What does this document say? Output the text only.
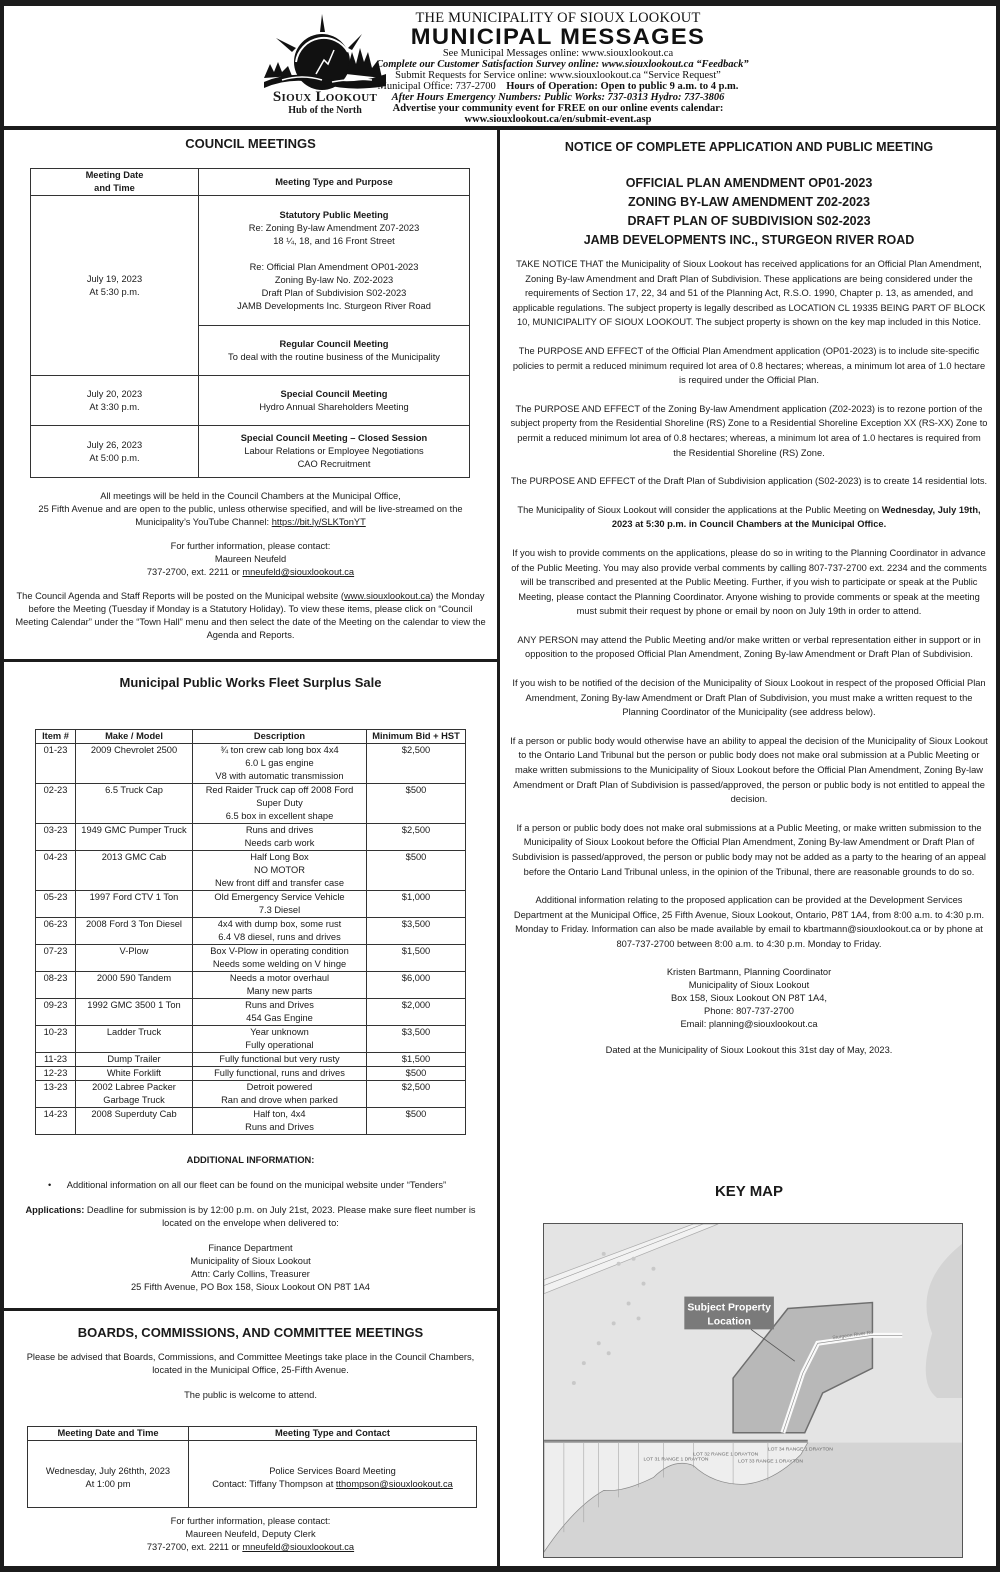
Sioux Lookout
Hub of the North
THE MUNICIPALITY OF SIOUX LOOKOUT
MUNICIPAL MESSAGES
See Municipal Messages online: www.siouxlookout.ca
Complete our Customer Satisfaction Survey online: www.siouxlookout.ca “Feedback”
Submit Requests for Service online: www.siouxlookout.ca “Service Request”
Municipal Office: 737-2700 Hours of Operation: Open to public 9 a.m. to 4 p.m.
After Hours Emergency Numbers: Public Works: 737-0313 Hydro: 737-3806
Advertise your community event for FREE on our online events calendar:
www.siouxlookout.ca/en/submit-event.asp
COUNCIL MEETINGS
Meeting Date
and Time	Meeting Type and Purpose
July 19, 2023
At 5:30 p.m.	Statutory Public Meeting
Re: Zoning By-law Amendment Z07-2023
18 ¼, 18, and 16 Front Street

Re: Official Plan Amendment OP01-2023
Zoning By-law No. Z02-2023
Draft Plan of Subdivision S02-2023
JAMB Developments Inc. Sturgeon River Road
	Regular Council Meeting
To deal with the routine business of the Municipality
July 20, 2023
At 3:30 p.m.	Special Council Meeting
Hydro Annual Shareholders Meeting
July 26, 2023
At 5:00 p.m.	Special Council Meeting – Closed Session
Labour Relations or Employee Negotiations
CAO Recruitment
All meetings will be held in the Council Chambers at the Municipal Office,
25 Fifth Avenue and are open to the public, unless otherwise specified, and will be live-streamed on the
Municipality’s YouTube Channel: https://bit.ly/SLKTonYT
For further information, please contact:
Maureen Neufeld
737-2700, ext. 2211 or mneufeld@siouxlookout.ca
The Council Agenda and Staff Reports will be posted on the Municipal website (www.siouxlookout.ca) the Monday before the Meeting (Tuesday if Monday is a Statutory Holiday). To view these items, please click on “Council Meeting Calendar” under the “Town Hall” menu and then select the date of the Meeting on the calendar to view the Agenda and Reports.
Municipal Public Works Fleet Surplus Sale
Item #	Make / Model	Description	Minimum Bid + HST
01-23	2009 Chevrolet 2500	¾ ton crew cab long box 4x4
6.0 L gas engine
V8 with automatic transmission	$2,500
02-23	6.5 Truck Cap	Red Raider Truck cap off 2008 Ford
Super Duty
6.5 box in excellent shape	$500
03-23	1949 GMC Pumper Truck	Runs and drives
Needs carb work	$2,500
04-23	2013 GMC Cab	Half Long Box
NO MOTOR
New front diff and transfer case	$500
05-23	1997 Ford CTV 1 Ton	Old Emergency Service Vehicle
7.3 Diesel	$1,000
06-23	2008 Ford 3 Ton Diesel	4x4 with dump box, some rust
6.4 V8 diesel, runs and drives	$3,500
07-23	V-Plow	Box V-Plow in operating condition
Needs some welding on V hinge	$1,500
08-23	2000 590 Tandem	Needs a motor overhaul
Many new parts	$6,000
09-23	1992 GMC 3500 1 Ton	Runs and Drives
454 Gas Engine	$2,000
10-23	Ladder Truck	Year unknown
Fully operational	$3,500
11-23	Dump Trailer	Fully functional but very rusty	$1,500
12-23	White Forklift	Fully functional, runs and drives	$500
13-23	2002 Labree Packer Garbage Truck	Detroit powered
Ran and drove when parked	$2,500
14-23	2008 Superduty Cab	Half ton, 4x4
Runs and Drives	$500
ADDITIONAL INFORMATION:
• Additional information on all our fleet can be found on the municipal website under “Tenders”
Applications: Deadline for submission is by 12:00 p.m. on July 21st, 2023. Please make sure fleet number is located on the envelope when delivered to:
Finance Department
Municipality of Sioux Lookout
Attn: Carly Collins, Treasurer
25 Fifth Avenue, PO Box 158, Sioux Lookout ON P8T 1A4
BOARDS, COMMISSIONS, AND COMMITTEE MEETINGS
Please be advised that Boards, Commissions, and Committee Meetings take place in the Council Chambers, located in the Municipal Office, 25-Fifth Avenue.
The public is welcome to attend.
Meeting Date and Time	Meeting Type and Contact
Wednesday, July 26thth, 2023
At 1:00 pm	Police Services Board Meeting
Contact: Tiffany Thompson at tthompson@siouxlookout.ca
For further information, please contact:
Maureen Neufeld, Deputy Clerk
737-2700, ext. 2211 or mneufeld@siouxlookout.ca
NOTICE OF COMPLETE APPLICATION AND PUBLIC MEETING
OFFICIAL PLAN AMENDMENT OP01-2023
ZONING BY-LAW AMENDMENT Z02-2023
DRAFT PLAN OF SUBDIVISION S02-2023
JAMB DEVELOPMENTS INC., STURGEON RIVER ROAD
TAKE NOTICE THAT the Municipality of Sioux Lookout has received applications for an Official Plan Amendment, Zoning By-law Amendment and Draft Plan of Subdivision. These applications are being considered under the requirements of Section 17, 22, 34 and 51 of the Planning Act, R.S.O. 1990, Chapter p. 13, as amended, and applicable regulations. The subject property is legally described as LOCATION CL 19335 BEING PART OF BLOCK 10, MUNICIPALITY OF SIOUX LOOKOUT. The subject property is shown on the key map included in this Notice.
The PURPOSE AND EFFECT of the Official Plan Amendment application (OP01-2023) is to include site-specific policies to permit a reduced minimum required lot area of 0.8 hectares; whereas, a minimum lot area of 1.0 hectare is required under the Official Plan.
The PURPOSE AND EFFECT of the Zoning By-law Amendment application (Z02-2023) is to rezone portion of the subject property from the Residential Shoreline (RS) Zone to a Residential Shoreline Exception XX (RS-XX) Zone to permit a reduced minimum lot area of 0.8 hectares; whereas, a minimum lot area of 1.0 hectares is required from the Residential Shoreline (RS) Zone.
The PURPOSE AND EFFECT of the Draft Plan of Subdivision application (S02-2023) is to create 14 residential lots.
The Municipality of Sioux Lookout will consider the applications at the Public Meeting on Wednesday, July 19th, 2023 at 5:30 p.m. in Council Chambers at the Municipal Office.
If you wish to provide comments on the applications, please do so in writing to the Planning Coordinator in advance of the Public Meeting. You may also provide verbal comments by calling 807-737-2700 ext. 2234 and the comments will be transcribed and presented at the Public Meeting. Further, if you wish to participate or speak at the Public Meeting, please contact the Planning Coordinator. Anyone wishing to provide comments or speak at the meeting must submit their request by phone or email by noon on July 19th in order to attend.
ANY PERSON may attend the Public Meeting and/or make written or verbal representation either in support or in opposition to the proposed Official Plan Amendment, Zoning By-law Amendment or Draft Plan of Subdivision.
If you wish to be notified of the decision of the Municipality of Sioux Lookout in respect of the proposed Official Plan Amendment, Zoning By-law Amendment or Draft Plan of Subdivision, you must make a written request to the Planning Coordinator of the Municipality (see address below).
If a person or public body would otherwise have an ability to appeal the decision of the Municipality of Sioux Lookout to the Ontario Land Tribunal but the person or public body does not make oral submission at a Public Meeting or make written submissions to the Municipality of Sioux Lookout before the Official Plan Amendment, Zoning By-law Amendment or Draft Plan of Subdivision is passed/approved, the person or public body is not entitled to appeal the decision.
If a person or public body does not make oral submissions at a Public Meeting, or make written submission to the Municipality of Sioux Lookout before the Official Plan Amendment, Zoning By-law Amendment or Draft Plan of Subdivision is passed/approved, the person or public body may not be added as a party to the hearing of an appeal before the Ontario Land Tribunal unless, in the opinion of the Tribunal, there are reasonable grounds to do so.
Additional information relating to the proposed application can be provided at the Development Services Department at the Municipal Office, 25 Fifth Avenue, Sioux Lookout, Ontario, P8T 1A4, from 8:00 a.m. to 4:30 p.m. Monday to Friday. Information can also be made available by email to kbartmann@siouxlookout.ca or by phone at 807-737-2700 between 8:00 a.m. to 4:30 p.m. Monday to Friday.
Kristen Bartmann, Planning Coordinator
Municipality of Sioux Lookout
Box 158, Sioux Lookout ON P8T 1A4,
Phone: 807-737-2700
Email: planning@siouxlookout.ca
Dated at the Municipality of Sioux Lookout this 31st day of May, 2023.
KEY MAP
Subject Property
Location
Sturgeon River Rd
LOT 31 RANGE 1 DRAYTON
LOT 32 RANGE 1 DRAYTON
LOT 33 RANGE 1 DRAYTON
LOT 34 RANGE 1 DRAYTON
